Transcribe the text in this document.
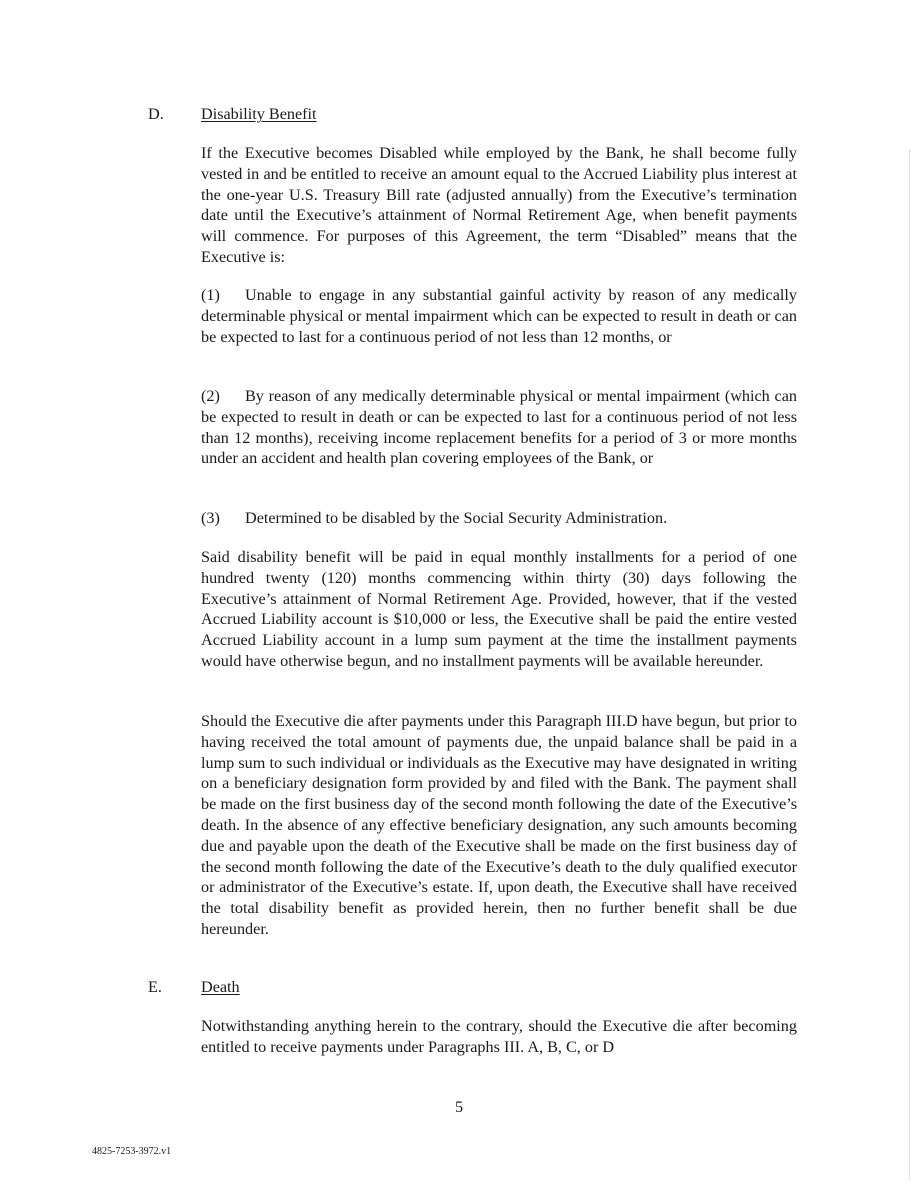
D. Disability Benefit

If the Executive becomes Disabled while employed by the Bank, he shall become fully vested in and be entitled to receive an amount equal to the Accrued Liability plus interest at the one-year U.S. Treasury Bill rate (adjusted annually) from the Executive’s termination date until the Executive’s attainment of Normal Retirement Age, when benefit payments will commence. For purposes of this Agreement, the term “Disabled” means that the Executive is:

(1) Unable to engage in any substantial gainful activity by reason of any medically determinable physical or mental impairment which can be expected to result in death or can be expected to last for a continuous period of not less than 12 months, or

(2) By reason of any medically determinable physical or mental impairment (which can be expected to result in death or can be expected to last for a continuous period of not less than 12 months), receiving income replacement benefits for a period of 3 or more months under an accident and health plan covering employees of the Bank, or

(3) Determined to be disabled by the Social Security Administration.

Said disability benefit will be paid in equal monthly installments for a period of one hundred twenty (120) months commencing within thirty (30) days following the Executive’s attainment of Normal Retirement Age. Provided, however, that if the vested Accrued Liability account is $10,000 or less, the Executive shall be paid the entire vested Accrued Liability account in a lump sum payment at the time the installment payments would have otherwise begun, and no installment payments will be available hereunder.

Should the Executive die after payments under this Paragraph III.D have begun, but prior to having received the total amount of payments due, the unpaid balance shall be paid in a lump sum to such individual or individuals as the Executive may have designated in writing on a beneficiary designation form provided by and filed with the Bank. The payment shall be made on the first business day of the second month following the date of the Executive’s death. In the absence of any effective beneficiary designation, any such amounts becoming due and payable upon the death of the Executive shall be made on the first business day of the second month following the date of the Executive’s death to the duly qualified executor or administrator of the Executive’s estate. If, upon death, the Executive shall have received the total disability benefit as provided herein, then no further benefit shall be due hereunder.

E. Death

Notwithstanding anything herein to the contrary, should the Executive die after becoming entitled to receive payments under Paragraphs III. A, B, C, or D

5
4825-7253-3972.v1
